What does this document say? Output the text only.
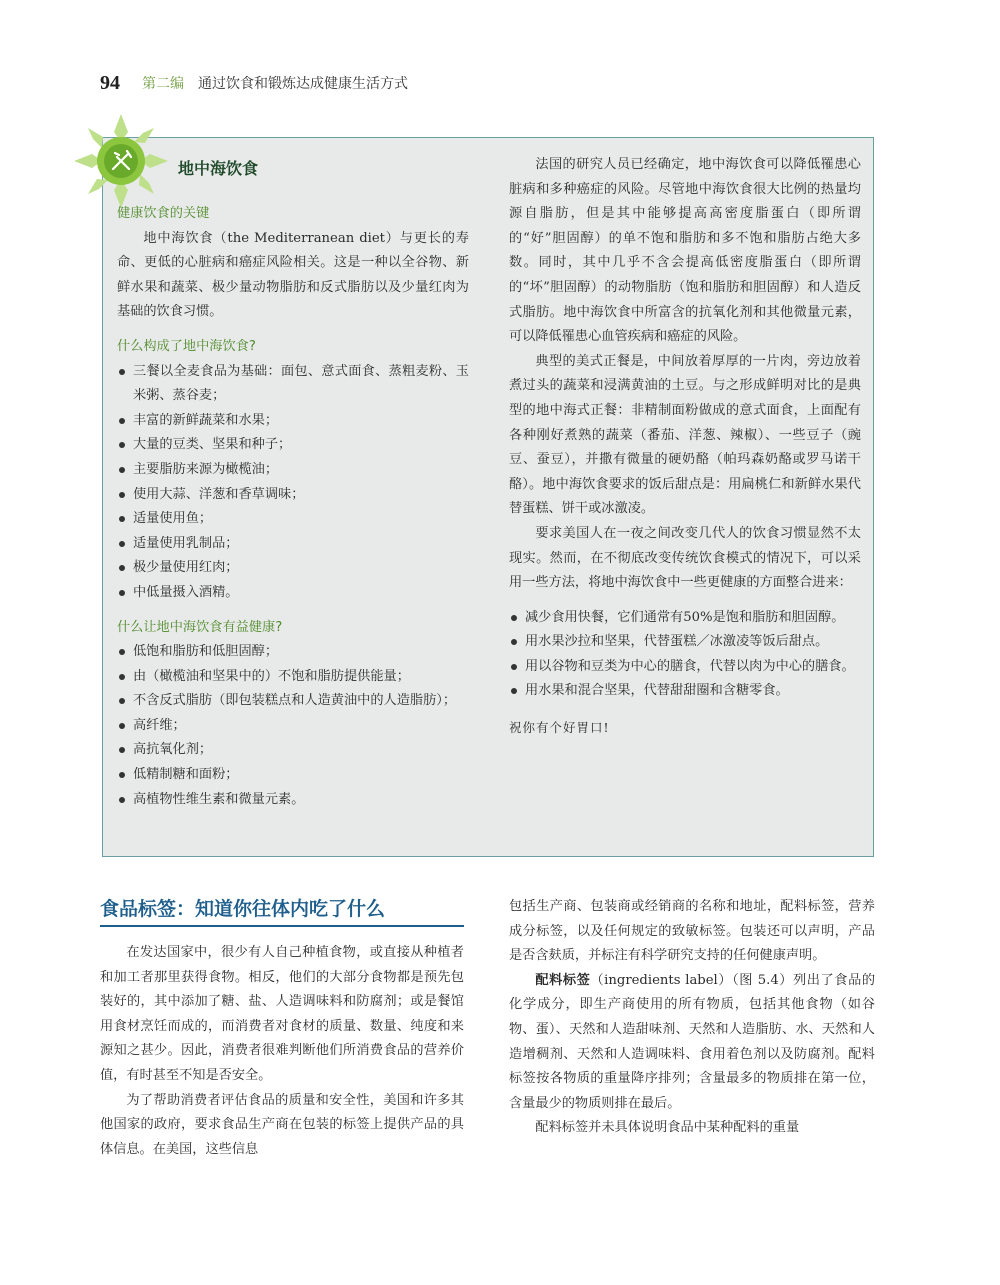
94 第二编 通过饮食和锻炼达成健康生活方式
地中海饮食

健康饮食的关键

地中海饮食（the Mediterranean diet）与更长的寿命、更低的心脏病和癌症风险相关。这是一种以全谷物、新鲜水果和蔬菜、极少量动物脂肪和反式脂肪以及少量红肉为基础的饮食习惯。

什么构成了地中海饮食?

三餐以全麦食品为基础：面包、意式面食、蒸粗麦粉、玉米粥、蒸谷麦；
丰富的新鲜蔬菜和水果；
大量的豆类、坚果和种子；
主要脂肪来源为橄榄油；
使用大蒜、洋葱和香草调味；
适量使用鱼；
适量使用乳制品；
极少量使用红肉；
中低量摄入酒精。

什么让地中海饮食有益健康?

低饱和脂肪和低胆固醇；
由（橄榄油和坚果中的）不饱和脂肪提供能量；
不含反式脂肪（即包装糕点和人造黄油中的人造脂肪）；
高纤维；
高抗氧化剂；
低精制糖和面粉；
高植物性维生素和微量元素。

法国的研究人员已经确定，地中海饮食可以降低罹患心脏病和多种癌症的风险。尽管地中海饮食很大比例的热量均源自脂肪，但是其中能够提高高密度脂蛋白（即所谓的“好”胆固醇）的单不饱和脂肪和多不饱和脂肪占绝大多数。同时，其中几乎不含会提高低密度脂蛋白（即所谓的“坏”胆固醇）的动物脂肪（饱和脂肪和胆固醇）和人造反式脂肪。地中海饮食中所富含的抗氧化剂和其他微量元素，可以降低罹患心血管疾病和癌症的风险。

典型的美式正餐是，中间放着厚厚的一片肉，旁边放着煮过头的蔬菜和浸满黄油的土豆。与之形成鲜明对比的是典型的地中海式正餐：非精制面粉做成的意式面食，上面配有各种刚好煮熟的蔬菜（番茄、洋葱、辣椒）、一些豆子（豌豆、蚕豆），并撒有微量的硬奶酪（帕玛森奶酪或罗马诺干酪）。地中海饮食要求的饭后甜点是：用扁桃仁和新鲜水果代替蛋糕、饼干或冰激凌。

要求美国人在一夜之间改变几代人的饮食习惯显然不太现实。然而，在不彻底改变传统饮食模式的情况下，可以采用一些方法，将地中海饮食中一些更健康的方面整合进来：

减少食用快餐，它们通常有50%是饱和脂肪和胆固醇。
用水果沙拉和坚果，代替蛋糕／冰激凌等饭后甜点。
用以谷物和豆类为中心的膳食，代替以肉为中心的膳食。
用水果和混合坚果，代替甜甜圈和含糖零食。

祝你有个好胃口!

食品标签：知道你往体内吃了什么

在发达国家中，很少有人自己种植食物，或直接从种植者和加工者那里获得食物。相反，他们的大部分食物都是预先包装好的，其中添加了糖、盐、人造调味料和防腐剂；或是餐馆用食材烹饪而成的，而消费者对食材的质量、数量、纯度和来源知之甚少。因此，消费者很难判断他们所消费食品的营养价值，有时甚至不知是否安全。

为了帮助消费者评估食品的质量和安全性，美国和许多其他国家的政府，要求食品生产商在包装的标签上提供产品的具体信息。在美国，这些信息

包括生产商、包装商或经销商的名称和地址，配料标签，营养成分标签，以及任何规定的致敏标签。包装还可以声明，产品是否含麸质，并标注有科学研究支持的任何健康声明。

配料标签（ingredients label）（图 5.4）列出了食品的化学成分，即生产商使用的所有物质，包括其他食物（如谷物、蛋）、天然和人造甜味剂、天然和人造脂肪、水、天然和人造增稠剂、天然和人造调味料、食用着色剂以及防腐剂。配料标签按各物质的重量降序排列；含量最多的物质排在第一位，含量最少的物质则排在最后。

配料标签并未具体说明食品中某种配料的重量
